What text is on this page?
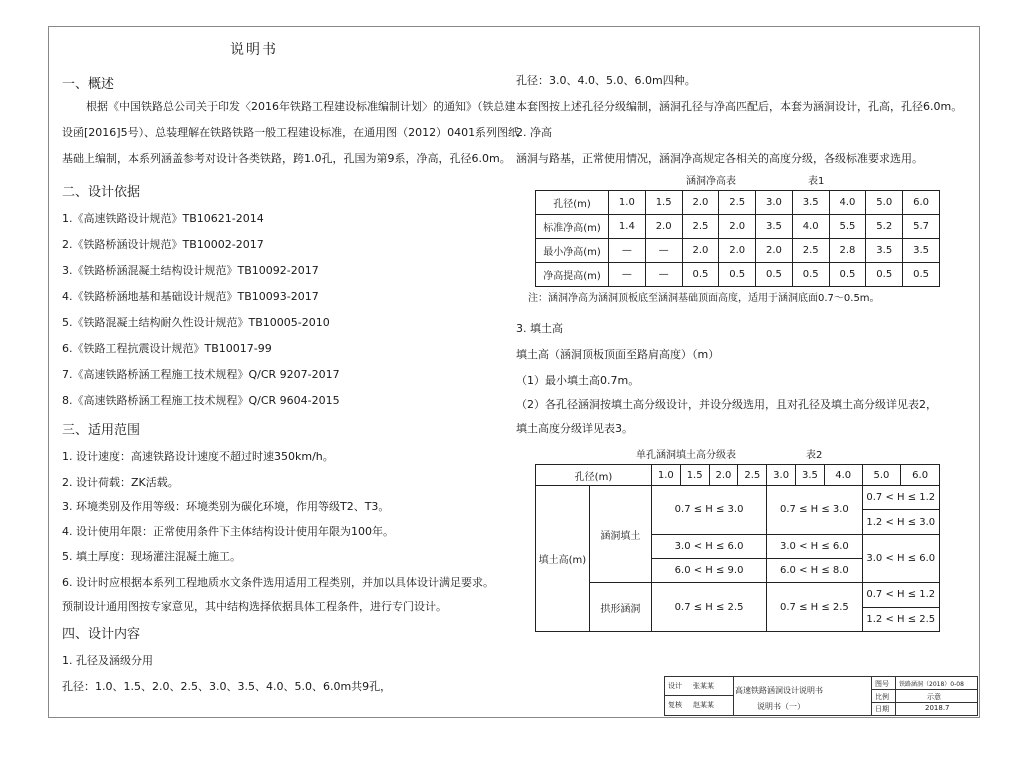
说明书
一、概述
根据《中国铁路总公司关于印发〈2016年铁路工程建设标准编制计划〉的通知》（铁总建
设函[2016]5号）、总装理解在铁路铁路一般工程建设标准，在通用图（2012）0401系列图纸
基础上编制，本系列涵盖参考对设计各类铁路，跨1.0孔，孔国为第9系，净高，孔径6.0m。
二、设计依据
1.《高速铁路设计规范》TB10621-2014
2.《铁路桥涵设计规范》TB10002-2017
3.《铁路桥涵混凝土结构设计规范》TB10092-2017
4.《铁路桥涵地基和基础设计规范》TB10093-2017
5.《铁路混凝土结构耐久性设计规范》TB10005-2010
6.《铁路工程抗震设计规范》TB10017-99
7.《高速铁路桥涵工程施工技术规程》Q/CR 9207-2017
8.《高速铁路桥涵工程施工技术规程》Q/CR 9604-2015
三、适用范围
1. 设计速度：高速铁路设计速度不超过时速350km/h。
2. 设计荷载：ZK活载。
3. 环境类别及作用等级：环境类别为碳化环境，作用等级T2、T3。
4. 设计使用年限：正常使用条件下主体结构设计使用年限为100年。
5. 填土厚度：现场灌注混凝土施工。
6. 设计时应根据本系列工程地质水文条件选用适用工程类别，并加以具体设计满足要求。
预制设计通用图按专家意见，其中结构选择依据具体工程条件，进行专门设计。
四、设计内容
1. 孔径及涵级分用
孔径：1.0、1.5、2.0、2.5、3.0、3.5、4.0、5.0、6.0m共9孔，
孔径：3.0、4.0、5.0、6.0m四种。
本套图按上述孔径分级编制，涵洞孔径与净高匹配后，本套为涵洞设计，孔高，孔径6.0m。
2. 净高
涵洞与路基，正常使用情况，涵洞净高规定各相关的高度分级，各级标准要求选用。
涵洞净高表	表1
孔径(m)	1.0	1.5	2.0	2.5	3.0	3.5	4.0	5.0	6.0
标准净高(m)	1.4	2.0	2.5	2.0	3.5	4.0	5.5	5.2	5.7
最小净高(m)	—	—	2.0	2.0	2.0	2.5	2.8	3.5	3.5
净高提高(m)	—	—	0.5	0.5	0.5	0.5	0.5	0.5	0.5
注：涵洞净高为涵洞顶板底至涵洞基础顶面高度，适用于涵洞底面0.7～0.5m。
3. 填土高
填土高（涵洞顶板顶面至路肩高度）（m）
（1）最小填土高0.7m。
（2）各孔径涵洞按填土高分级设计，并设分级选用，且对孔径及填土高分级详见表2，
填土高度分级详见表3。
单孔涵洞填土高分级表	表2
孔径(m)		1.0	1.5	2.0	2.5	3.0	3.5	4.0	5.0	6.0
填土高(m)	涵洞填土	0.7 ≤ H ≤ 3.0				0.7 ≤ H ≤ 3.0			0.7 < H ≤ 1.2	
									1.2 < H ≤ 3.0	
		3.0 < H ≤ 6.0				3.0 < H ≤ 6.0			3.0 < H ≤ 6.0	
		6.0 < H ≤ 9.0				6.0 < H ≤ 8.0				
	拱形涵洞	0.7 ≤ H ≤ 2.5				0.7 ≤ H ≤ 2.5			0.7 < H ≤ 1.2	
									1.2 < H ≤ 2.5	
设计 张某某
复核 赵某某
高速铁路涵洞设计说明书
说明书（一）
图号 铁路涵洞（2018）0-08
比例	示意
日期	2018.7
